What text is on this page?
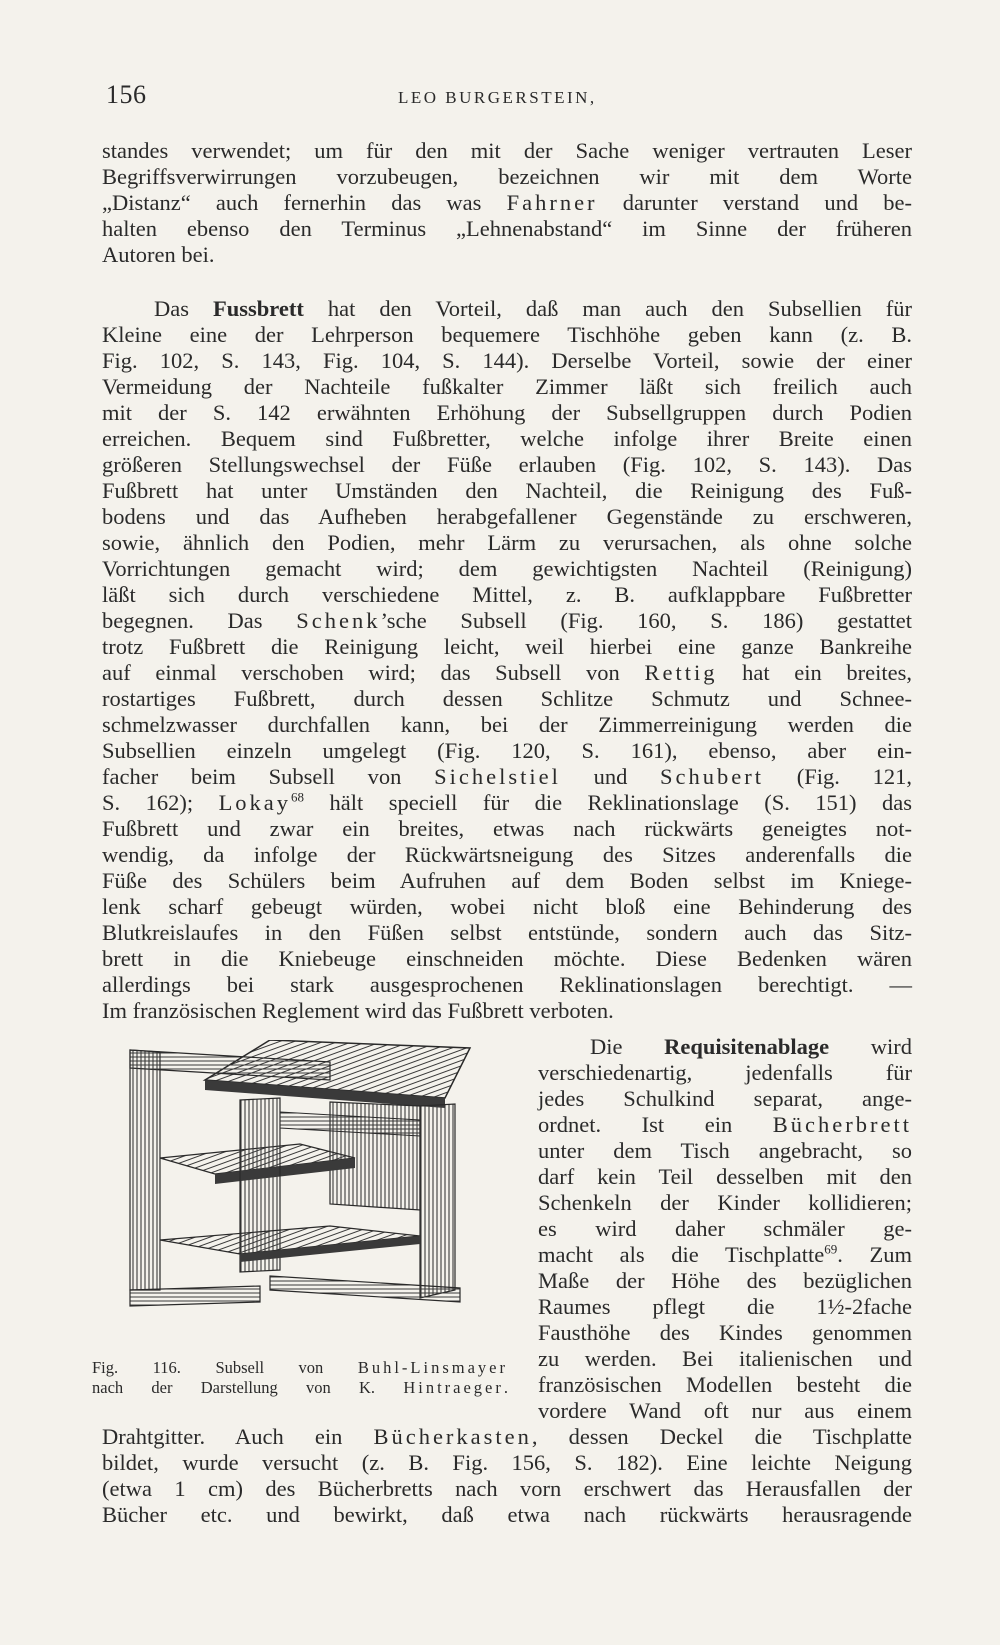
156	LEO BURGERSTEIN,
standes verwendet; um für den mit der Sache weniger vertrauten Leser
Begriffsverwirrungen vorzubeugen, bezeichnen wir mit dem Worte
„Distanz“ auch fernerhin das was Fahrner darunter verstand und be-
halten ebenso den Terminus „Lehnenabstand“ im Sinne der früheren
Autoren bei.
Das Fussbrett hat den Vorteil, daß man auch den Subsellien für
Kleine eine der Lehrperson bequemere Tischhöhe geben kann (z. B.
Fig. 102, S. 143, Fig. 104, S. 144). Derselbe Vorteil, sowie der einer
Vermeidung der Nachteile fußkalter Zimmer läßt sich freilich auch
mit der S. 142 erwähnten Erhöhung der Subsellgruppen durch Podien
erreichen. Bequem sind Fußbretter, welche infolge ihrer Breite einen
größeren Stellungswechsel der Füße erlauben (Fig. 102, S. 143). Das
Fußbrett hat unter Umständen den Nachteil, die Reinigung des Fuß-
bodens und das Aufheben herabgefallener Gegenstände zu erschweren,
sowie, ähnlich den Podien, mehr Lärm zu verursachen, als ohne solche
Vorrichtungen gemacht wird; dem gewichtigsten Nachteil (Reinigung)
läßt sich durch verschiedene Mittel, z. B. aufklappbare Fußbretter
begegnen. Das Schenk’sche Subsell (Fig. 160, S. 186) gestattet
trotz Fußbrett die Reinigung leicht, weil hierbei eine ganze Bankreihe
auf einmal verschoben wird; das Subsell von Rettig hat ein breites,
rostartiges Fußbrett, durch dessen Schlitze Schmutz und Schnee-
schmelzwasser durchfallen kann, bei der Zimmerreinigung werden die
Subsellien einzeln umgelegt (Fig. 120, S. 161), ebenso, aber ein-
facher beim Subsell von Sichelstiel und Schubert (Fig. 121,
S. 162); Lokay$^{68}$ hält speciell für die Reklinationslage (S. 151) das
Fußbrett und zwar ein breites, etwas nach rückwärts geneigtes not-
wendig, da infolge der Rückwärtsneigung des Sitzes anderenfalls die
Füße des Schülers beim Aufruhen auf dem Boden selbst im Kniege-
lenk scharf gebeugt würden, wobei nicht bloß eine Behinderung des
Blutkreislaufes in den Füßen selbst entstünde, sondern auch das Sitz-
brett in die Kniebeuge einschneiden möchte. Diese Bedenken wären
allerdings bei stark ausgesprochenen Reklinationslagen berechtigt. —
Im französischen Reglement wird das Fußbrett verboten.
Die Requisitenablage wird
verschiedenartig, jedenfalls für
jedes Schulkind separat, ange-
ordnet. Ist ein Bücherbrett
unter dem Tisch angebracht, so
darf kein Teil desselben mit den
Schenkeln der Kinder kollidieren;
es wird daher schmäler ge-
macht als die Tischplatte$^{69}$. Zum
Maße der Höhe des bezüglichen
Raumes pflegt die 1½-2fache
Fausthöhe des Kindes genommen
zu werden. Bei italienischen und
französischen Modellen besteht die
vordere Wand oft nur aus einem
Drahtgitter. Auch ein Bücherkasten, dessen Deckel die Tischplatte
bildet, wurde versucht (z. B. Fig. 156, S. 182). Eine leichte Neigung
(etwa 1 cm) des Bücherbretts nach vorn erschwert das Herausfallen der
Bücher etc. und bewirkt, daß etwa nach rückwärts herausragende
Fig. 116. Subsell von Buhl-Linsmayer
nach der Darstellung von K. Hintraeger.
